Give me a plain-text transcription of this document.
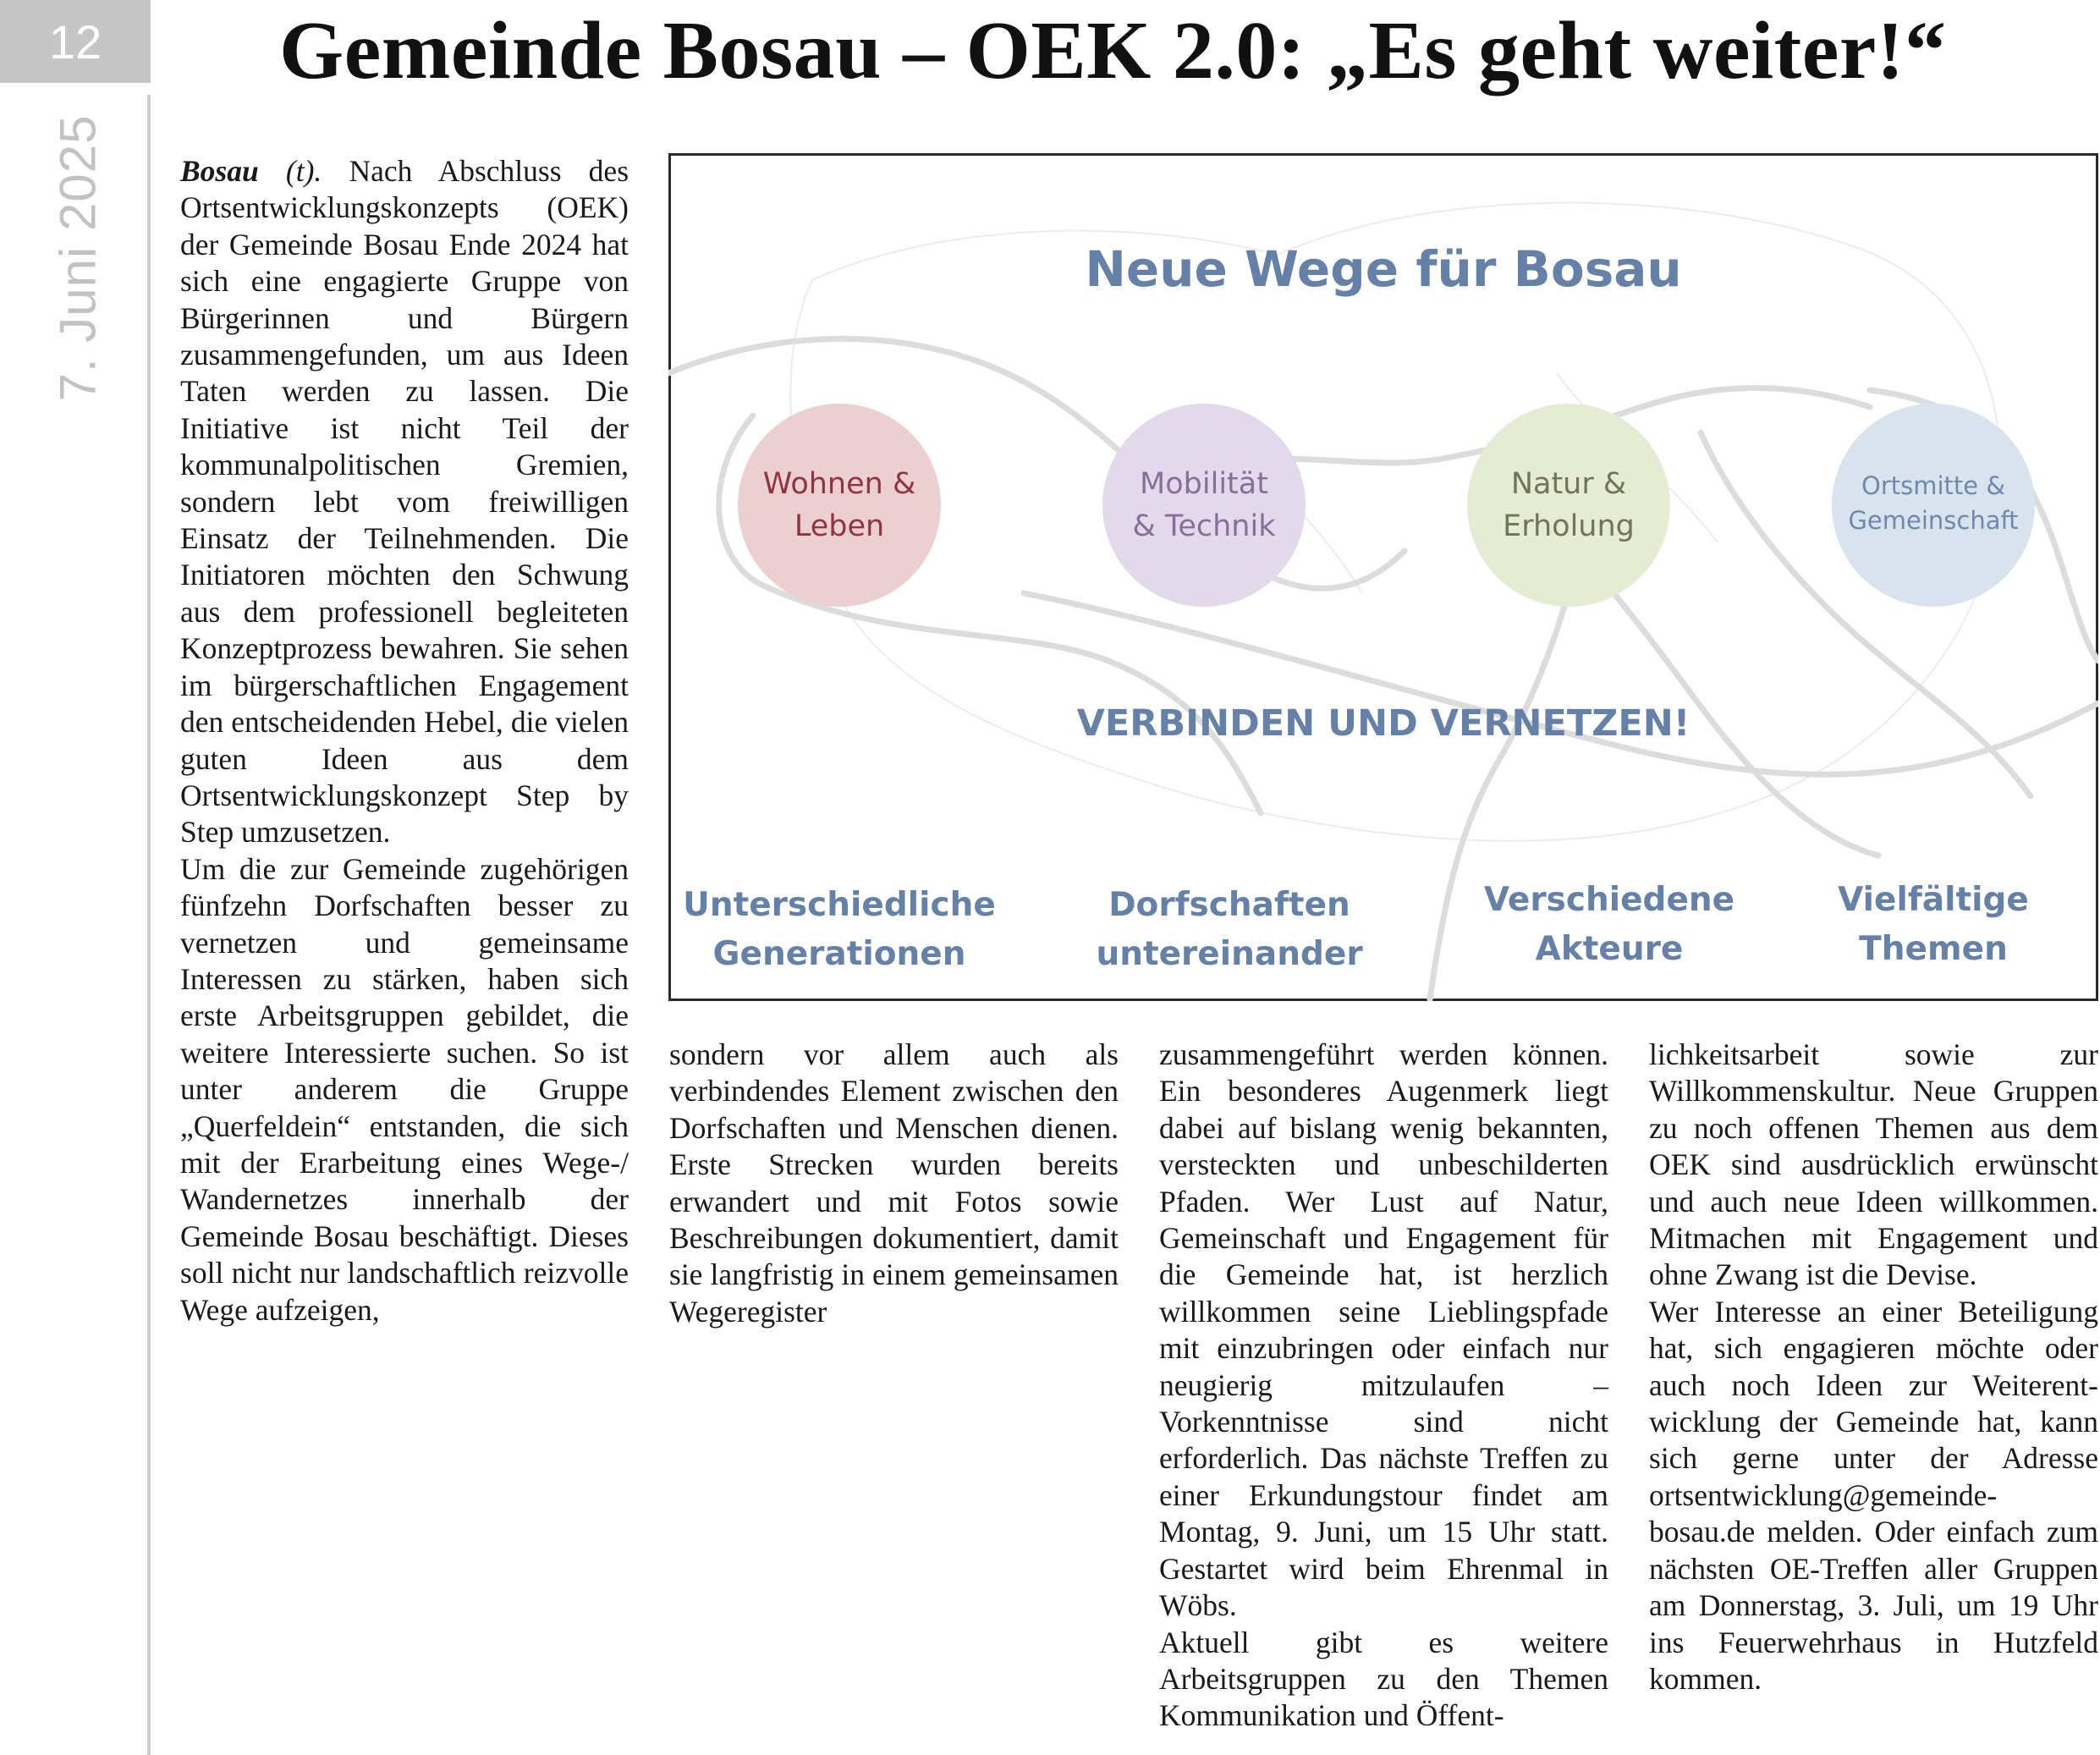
12
7. Juni 2025
Gemeinde Bosau – OEK 2.0: „Es geht weiter!“

Bosau (t). Nach Abschluss des Ortsentwicklungskonzepts (OEK) der Gemeinde Bosau Ende 2024 hat sich eine engagierte Gruppe von Bürgerinnen und Bürgern zusammengefunden, um aus Ideen Taten werden zu lassen. Die Initiative ist nicht Teil der kommunalpolitischen Gremien, sondern lebt vom freiwilligen Einsatz der Teilnehmenden. Die Initiatoren möchten den Schwung aus dem professionell begleiteten Konzeptprozess bewahren. Sie sehen im bürgerschaftlichen Engagement den entscheidenden Hebel, die vielen guten Ideen aus dem Ortsentwicklungskonzept Step by Step umzusetzen.

Um die zur Gemeinde zugehörigen fünfzehn Dorfschaften besser zu vernetzen und gemeinsame Interessen zu stärken, haben sich erste Arbeitsgruppen gebildet, die weitere Interessierte suchen. So ist unter anderem die Gruppe „Querfeldein“ entstanden, die sich mit der Erarbeitung eines Wege-/ Wandernetzes innerhalb der Gemeinde Bosau beschäftigt. Dieses soll nicht nur landschaftlich reizvolle Wege aufzeigen,

sondern vor allem auch als verbindendes Element zwischen den Dorfschaften und Menschen dienen. Erste Strecken wurden bereits erwandert und mit Fotos sowie Beschreibungen dokumentiert, damit sie langfristig in einem gemeinsamen Wegeregister

zusammengeführt werden können. Ein besonderes Augenmerk liegt dabei auf bislang wenig bekannten, versteckten und unbeschilderten Pfaden. Wer Lust auf Natur, Gemeinschaft und Engagement für die Gemeinde hat, ist herzlich willkommen seine Lieblingspfade mit einzubringen oder einfach nur neugierig mitzulaufen – Vorkenntnisse sind nicht erforderlich. Das nächste Treffen zu einer Erkundungstour findet am Montag, 9. Juni, um 15 Uhr statt. Gestartet wird beim Ehrenmal in Wöbs.

Aktuell gibt es weitere Arbeitsgruppen zu den Themen Kommunikation und Öffent-

lichkeitsarbeit sowie zur Willkommenskultur. Neue Gruppen zu noch offenen Themen aus dem OEK sind ausdrücklich erwünscht und auch neue Ideen willkommen. Mitmachen mit Engagement und ohne Zwang ist die Devise.

Wer Interesse an einer Beteiligung hat, sich engagieren möchte oder auch noch Ideen zur Weiterent-wicklung der Gemeinde hat, kann sich gerne unter der Adresse ortsentwicklung@gemeinde-bosau.de melden. Oder einfach zum nächsten OE-Treffen aller Gruppen am Donnerstag, 3. Juli, um 19 Uhr ins Feuerwehrhaus in Hutzfeld kommen.

Neue Wege für Bosau
Wohnen &
Leben
Mobilität
& Technik
Natur &
Erholung
Ortsmitte &
Gemeinschaft
VERBINDEN UND VERNETZEN!
Unterschiedliche
Generationen
Dorfschaften
untereinander
Verschiedene
Akteure
Vielfältige
Themen
